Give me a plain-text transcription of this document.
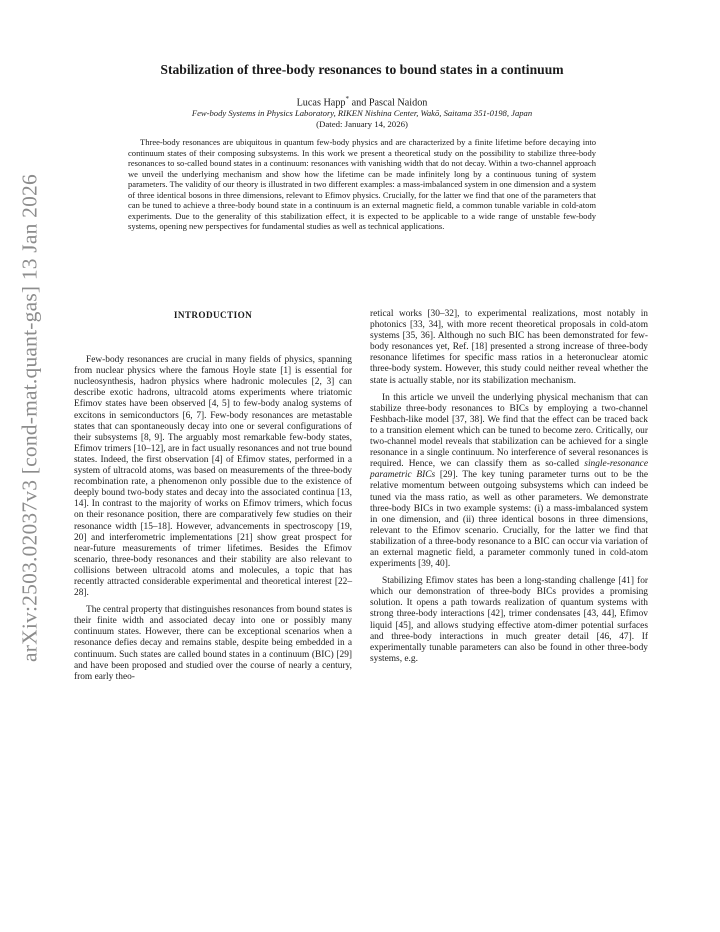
arXiv:2503.02037v3 [cond-mat.quant-gas] 13 Jan 2026
Stabilization of three-body resonances to bound states in a continuum
Lucas Happ* and Pascal Naidon
Few-body Systems in Physics Laboratory, RIKEN Nishina Center, Wakō, Saitama 351-0198, Japan
(Dated: January 14, 2026)

Three-body resonances are ubiquitous in quantum few-body physics and are characterized by a finite lifetime before decaying into continuum states of their composing subsystems. In this work we present a theoretical study on the possibility to stabilize three-body resonances to so-called bound states in a continuum: resonances with vanishing width that do not decay. Within a two-channel approach we unveil the underlying mechanism and show how the lifetime can be made infinitely long by a continuous tuning of system parameters. The validity of our theory is illustrated in two different examples: a mass-imbalanced system in one dimension and a system of three identical bosons in three dimensions, relevant to Efimov physics. Crucially, for the latter we find that one of the parameters that can be tuned to achieve a three-body bound state in a continuum is an external magnetic field, a common tunable variable in cold-atom experiments. Due to the generality of this stabilization effect, it is expected to be applicable to a wide range of unstable few-body systems, opening new perspectives for fundamental studies as well as technical applications.

INTRODUCTION

Few-body resonances are crucial in many fields of physics, spanning from nuclear physics where the famous Hoyle state [1] is essential for nucleosynthesis, hadron physics where hadronic molecules [2, 3] can describe exotic hadrons, ultracold atoms experiments where triatomic Efimov states have been observed [4, 5] to few-body analog systems of excitons in semiconductors [6, 7]. Few-body resonances are metastable states that can spontaneously decay into one or several configurations of their subsystems [8, 9]. The arguably most remarkable few-body states, Efimov trimers [10–12], are in fact usually resonances and not true bound states. Indeed, the first observation [4] of Efimov states, performed in a system of ultracold atoms, was based on measurements of the three-body recombination rate, a phenomenon only possible due to the existence of deeply bound two-body states and decay into the associated continua [13, 14]. In contrast to the majority of works on Efimov trimers, which focus on their resonance position, there are comparatively few studies on their resonance width [15–18]. However, advancements in spectroscopy [19, 20] and interferometric implementations [21] show great prospect for near-future measurements of trimer lifetimes. Besides the Efimov scenario, three-body resonances and their stability are also relevant to collisions between ultracold atoms and molecules, a topic that has recently attracted considerable experimental and theoretical interest [22–28].

The central property that distinguishes resonances from bound states is their finite width and associated decay into one or possibly many continuum states. However, there can be exceptional scenarios when a resonance defies decay and remains stable, despite being embedded in a continuum. Such states are called bound states in a continuum (BIC) [29] and have been proposed and studied over the course of nearly a century, from early theo-

retical works [30–32], to experimental realizations, most notably in photonics [33, 34], with more recent theoretical proposals in cold-atom systems [35, 36]. Although no such BIC has been demonstrated for few-body resonances yet, Ref. [18] presented a strong increase of three-body resonance lifetimes for specific mass ratios in a heteronuclear atomic three-body system. However, this study could neither reveal whether the state is actually stable, nor its stabilization mechanism.

In this article we unveil the underlying physical mechanism that can stabilize three-body resonances to BICs by employing a two-channel Feshbach-like model [37, 38]. We find that the effect can be traced back to a transition element which can be tuned to become zero. Critically, our two-channel model reveals that stabilization can be achieved for a single resonance in a single continuum. No interference of several resonances is required. Hence, we can classify them as so-called single-resonance parametric BICs [29]. The key tuning parameter turns out to be the relative momentum between outgoing subsystems which can indeed be tuned via the mass ratio, as well as other parameters. We demonstrate three-body BICs in two example systems: (i) a mass-imbalanced system in one dimension, and (ii) three identical bosons in three dimensions, relevant to the Efimov scenario. Crucially, for the latter we find that stabilization of a three-body resonance to a BIC can occur via variation of an external magnetic field, a parameter commonly tuned in cold-atom experiments [39, 40].

Stabilizing Efimov states has been a long-standing challenge [41] for which our demonstration of three-body BICs provides a promising solution. It opens a path towards realization of quantum systems with strong three-body interactions [42], trimer condensates [43, 44], Efimov liquid [45], and allows studying effective atom-dimer potential surfaces and three-body interactions in much greater detail [46, 47]. If experimentally tunable parameters can also be found in other three-body systems, e.g.
